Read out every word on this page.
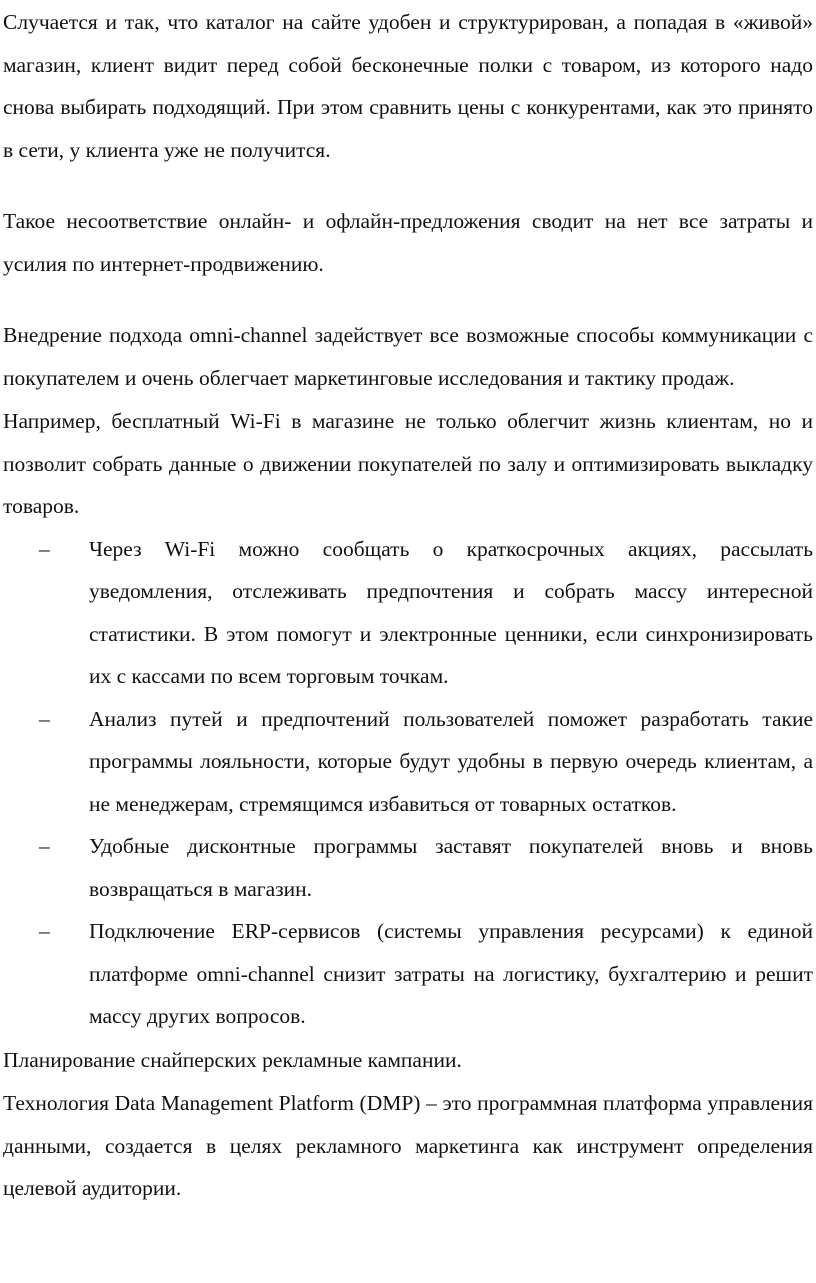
Случается и так, что каталог на сайте удобен и структурирован, а попадая в «живой» магазин, клиент видит перед собой бесконечные полки с товаром, из которого надо снова выбирать подходящий. При этом сравнить цены с конкурентами, как это принято в сети, у клиента уже не получится.

Такое несоответствие онлайн- и офлайн-предложения сводит на нет все затраты и усилия по интернет-продвижению.

Внедрение подхода omni-channel задействует все возможные способы коммуникации с покупателем и очень облегчает маркетинговые исследования и тактику продаж.

Например, бесплатный Wi-Fi в магазине не только облегчит жизнь клиентам, но и позволит собрать данные о движении покупателей по залу и оптимизировать выкладку товаров.

– Через Wi-Fi можно сообщать о краткосрочных акциях, рассылать уведомления, отслеживать предпочтения и собрать массу интересной статистики. В этом помогут и электронные ценники, если синхронизировать их с кассами по всем торговым точкам.
– Анализ путей и предпочтений пользователей поможет разработать такие программы лояльности, которые будут удобны в первую очередь клиентам, а не менеджерам, стремящимся избавиться от товарных остатков.
– Удобные дисконтные программы заставят покупателей вновь и вновь возвращаться в магазин.
– Подключение ERP-сервисов (системы управления ресурсами) к единой платформе omni-channel снизит затраты на логистику, бухгалтерию и решит массу других вопросов.

Планирование снайперских рекламные кампании.

Технология Data Management Platform (DMP) – это программная платформа управления данными, создается в целях рекламного маркетинга как инструмент определения целевой аудитории.
